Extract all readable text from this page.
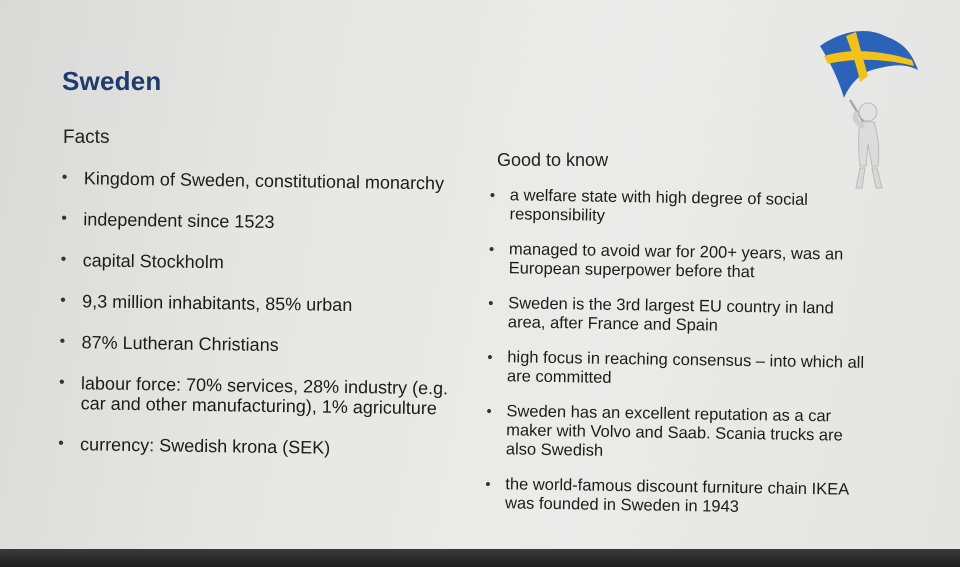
Sweden
Facts
• Kingdom of Sweden, constitutional monarchy
• independent since 1523
• capital Stockholm
• 9,3 million inhabitants, 85% urban
• 87% Lutheran Christians
• labour force: 70% services, 28% industry (e.g. car and other manufacturing), 1% agriculture
• currency: Swedish krona (SEK)
Good to know
• a welfare state with high degree of social responsibility
• managed to avoid war for 200+ years, was an European superpower before that
• Sweden is the 3rd largest EU country in land area, after France and Spain
• high focus in reaching consensus – into which all are committed
• Sweden has an excellent reputation as a car maker with Volvo and Saab. Scania trucks are also Swedish
• the world-famous discount furniture chain IKEA was founded in Sweden in 1943
